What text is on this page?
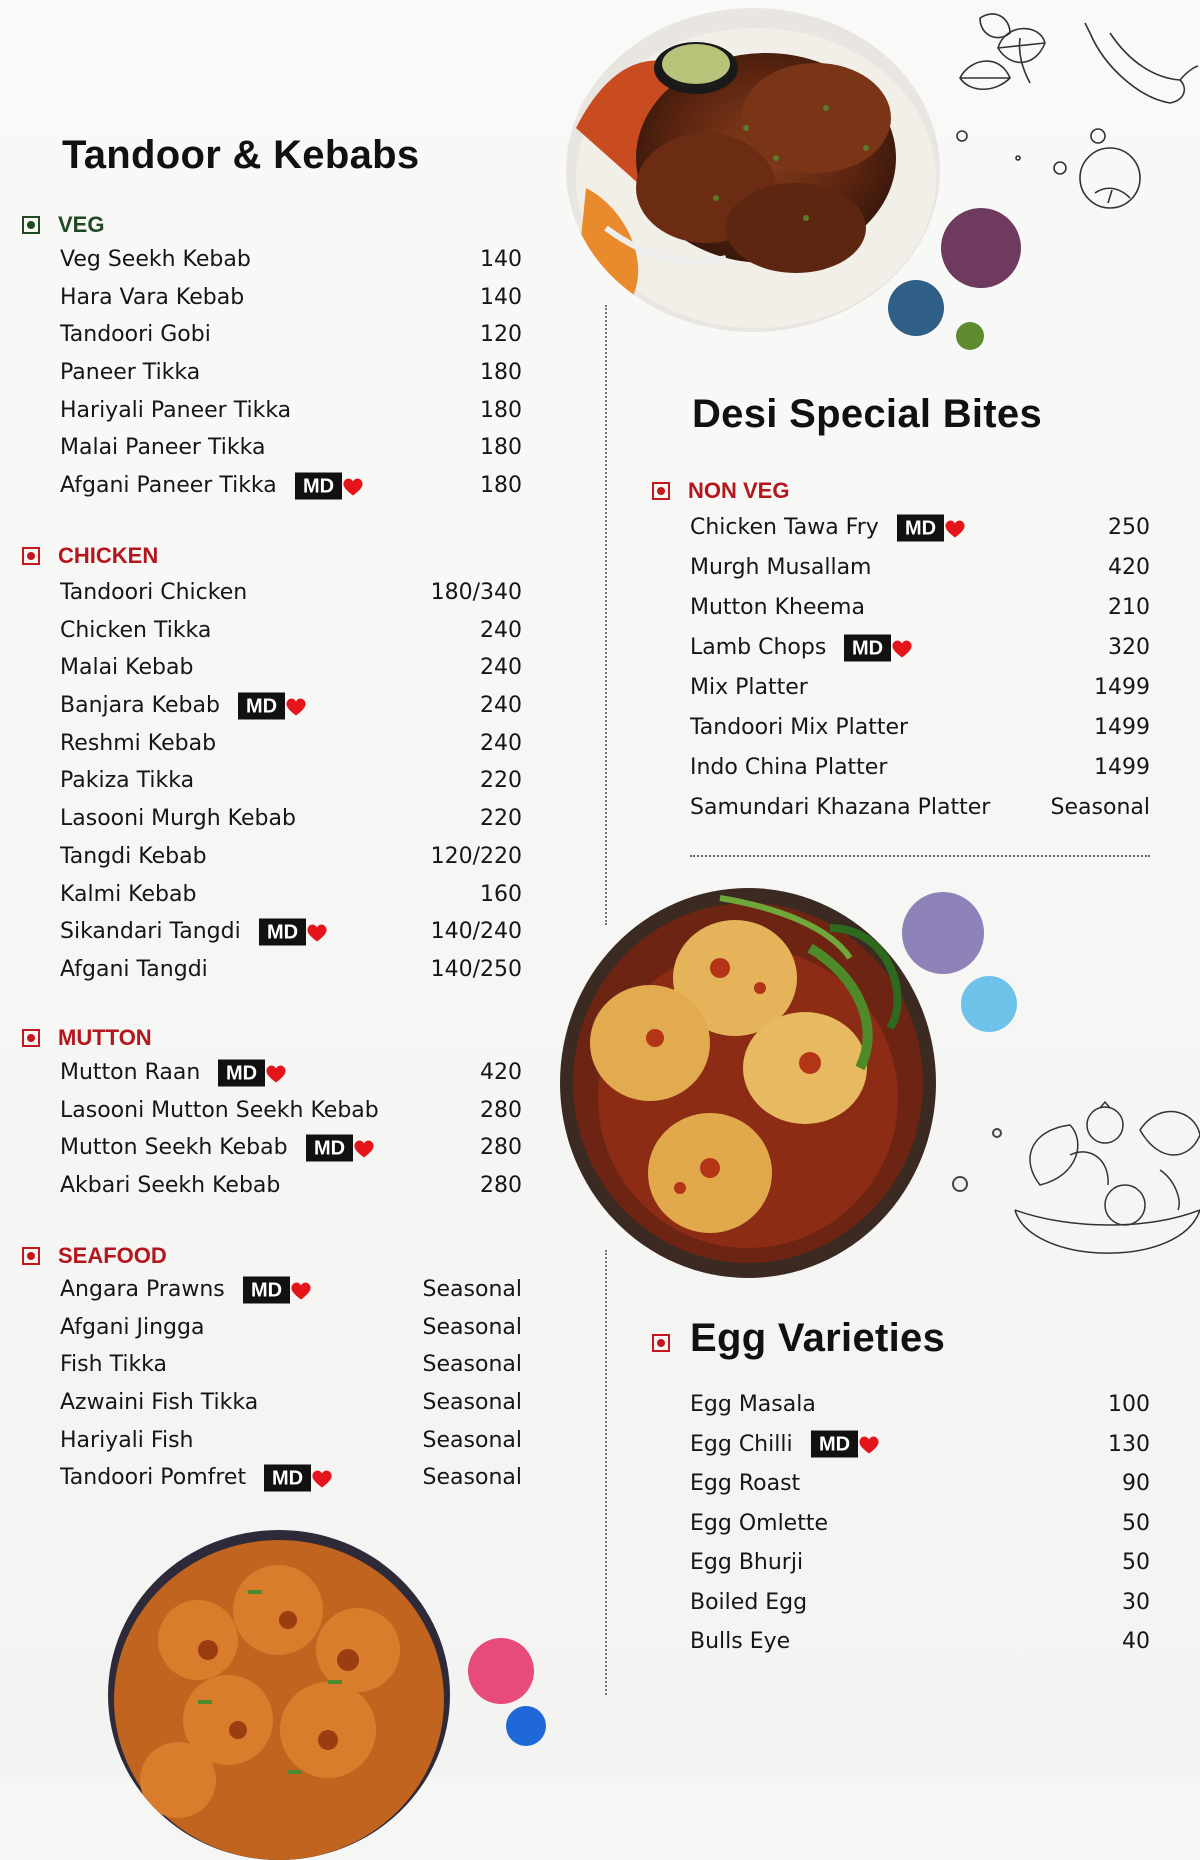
Tandoor & Kebabs
VEG
Veg Seekh Kebab	140
Hara Vara Kebab	140
Tandoori Gobi	120
Paneer Tikka	180
Hariyali Paneer Tikka	180
Malai Paneer Tikka	180
Afgani Paneer Tikka	MD	180
CHICKEN
Tandoori Chicken	180/340
Chicken Tikka	240
Malai Kebab	240
Banjara Kebab	MD	240
Reshmi Kebab	240
Pakiza Tikka	220
Lasooni Murgh Kebab	220
Tangdi Kebab	120/220
Kalmi Kebab	160
Sikandari Tangdi	MD	140/240
Afgani Tangdi	140/250
MUTTON
Mutton Raan	MD	420
Lasooni Mutton Seekh Kebab	280
Mutton Seekh Kebab	MD	280
Akbari Seekh Kebab	280
SEAFOOD
Angara Prawns	MD	Seasonal
Afgani Jingga	Seasonal
Fish Tikka	Seasonal
Azwaini Fish Tikka	Seasonal
Hariyali Fish	Seasonal
Tandoori Pomfret	MD	Seasonal
Desi Special Bites
NON VEG
Chicken Tawa Fry	MD	250
Murgh Musallam	420
Mutton Kheema	210
Lamb Chops	MD	320
Mix Platter	1499
Tandoori Mix Platter	1499
Indo China Platter	1499
Samundari Khazana Platter	Seasonal
Egg Varieties
Egg Masala	100
Egg Chilli	MD	130
Egg Roast	90
Egg Omlette	50
Egg Bhurji	50
Boiled Egg	30
Bulls Eye	40
